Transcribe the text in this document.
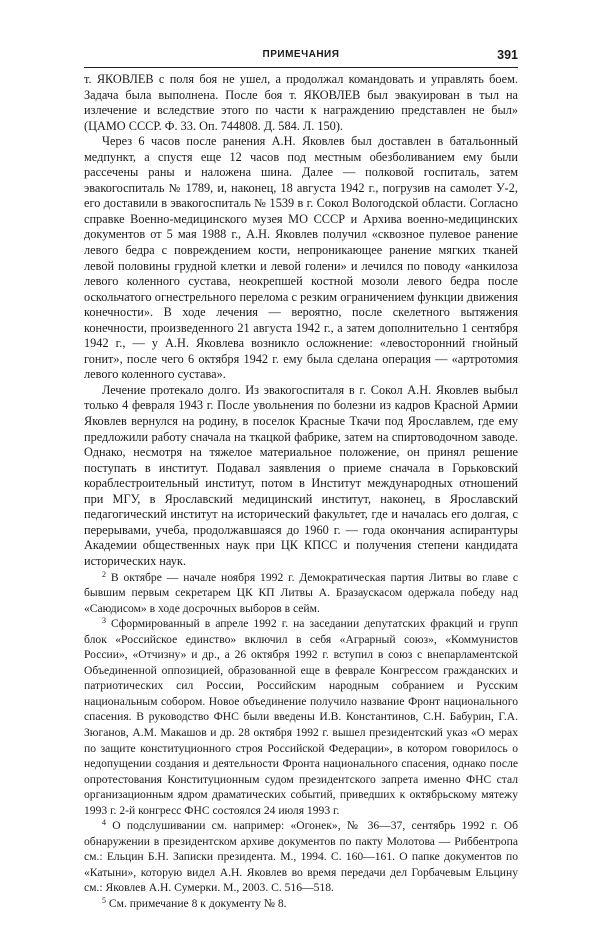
ПРИМЕЧАНИЯ	391

т. ЯКОВЛЕВ с поля боя не ушел, а продолжал командовать и управлять боем. Задача была выполнена. После боя т. ЯКОВЛЕВ был эвакуирован в тыл на излечение и вследствие этого по части к награждению представлен не был» (ЦАМО СССР. Ф. 33. Оп. 744808. Д. 584. Л. 150).

Через 6 часов после ранения А.Н. Яковлев был доставлен в батальонный медпункт, а спустя еще 12 часов под местным обезболиванием ему были рассечены раны и наложена шина. Далее — полковой госпиталь, затем эвакогоспиталь № 1789, и, наконец, 18 августа 1942 г., погрузив на самолет У-2, его доставили в эвакогоспиталь № 1539 в г. Сокол Вологодской области. Согласно справке Военно-медицинского музея МО СССР и Архива военно-медицинских документов от 5 мая 1988 г., А.Н. Яковлев получил «сквозное пулевое ранение левого бедра с повреждением кости, непроникающее ранение мягких тканей левой половины грудной клетки и левой голени» и лечился по поводу «анкилоза левого коленного сустава, неокрепшей костной мозоли левого бедра после оскольчатого огнестрельного перелома с резким ограничением функции движения конечности». В ходе лечения — вероятно, после скелетного вытяжения конечности, произведенного 21 августа 1942 г., а затем дополнительно 1 сентября 1942 г., — у А.Н. Яковлева возникло осложнение: «левосторонний гнойный гонит», после чего 6 октября 1942 г. ему была сделана операция — «артротомия левого коленного сустава».

Лечение протекало долго. Из эвакогоспиталя в г. Сокол А.Н. Яковлев выбыл только 4 февраля 1943 г. После увольнения по болезни из кадров Красной Армии Яковлев вернулся на родину, в поселок Красные Ткачи под Ярославлем, где ему предложили работу сначала на ткацкой фабрике, затем на спиртоводочном заводе. Однако, несмотря на тяжелое материальное положение, он принял решение поступать в институт. Подавал заявления о приеме сначала в Горьковский кораблестроительный институт, потом в Институт международных отношений при МГУ, в Ярославский медицинский институт, наконец, в Ярославский педагогический институт на исторический факультет, где и началась его долгая, с перерывами, учеба, продолжавшаяся до 1960 г. — года окончания аспирантуры Академии общественных наук при ЦК КПСС и получения степени кандидата исторических наук.

$^2$ В октябре — начале ноября 1992 г. Демократическая партия Литвы во главе с бывшим первым секретарем ЦК КП Литвы А. Бразаускасом одержала победу над «Саюдисом» в ходе досрочных выборов в сейм.

$^3$ Сформированный в апреле 1992 г. на заседании депутатских фракций и групп блок «Российское единство» включил в себя «Аграрный союз», «Коммунистов России», «Отчизну» и др., а 26 октября 1992 г. вступил в союз с внепарламентской Объединенной оппозицией, образованной еще в феврале Конгрессом гражданских и патриотических сил России, Российским народным собранием и Русским национальным собором. Новое объединение получило название Фронт национального спасения. В руководство ФНС были введены И.В. Константинов, С.Н. Бабурин, Г.А. Зюганов, А.М. Макашов и др. 28 октября 1992 г. вышел президентский указ «О мерах по защите конституционного строя Российской Федерации», в котором говорилось о недопущении создания и деятельности Фронта национального спасения, однако после опротестования Конституционным судом президентского запрета именно ФНС стал организационным ядром драматических событий, приведших к октябрьскому мятежу 1993 г. 2-й конгресс ФНС состоялся 24 июля 1993 г.

$^4$ О подслушивании см. например: «Огонек», № 36—37, сентябрь 1992 г. Об обнаружении в президентском архиве документов по пакту Молотова — Риббентропа см.: Ельцин Б.Н. Записки президента. М., 1994. С. 160—161. О папке документов по «Катыни», которую видел А.Н. Яковлев во время передачи дел Горбачевым Ельцину см.: Яковлев А.Н. Сумерки. М., 2003. С. 516—518.

$^5$ См. примечание 8 к документу № 8.
